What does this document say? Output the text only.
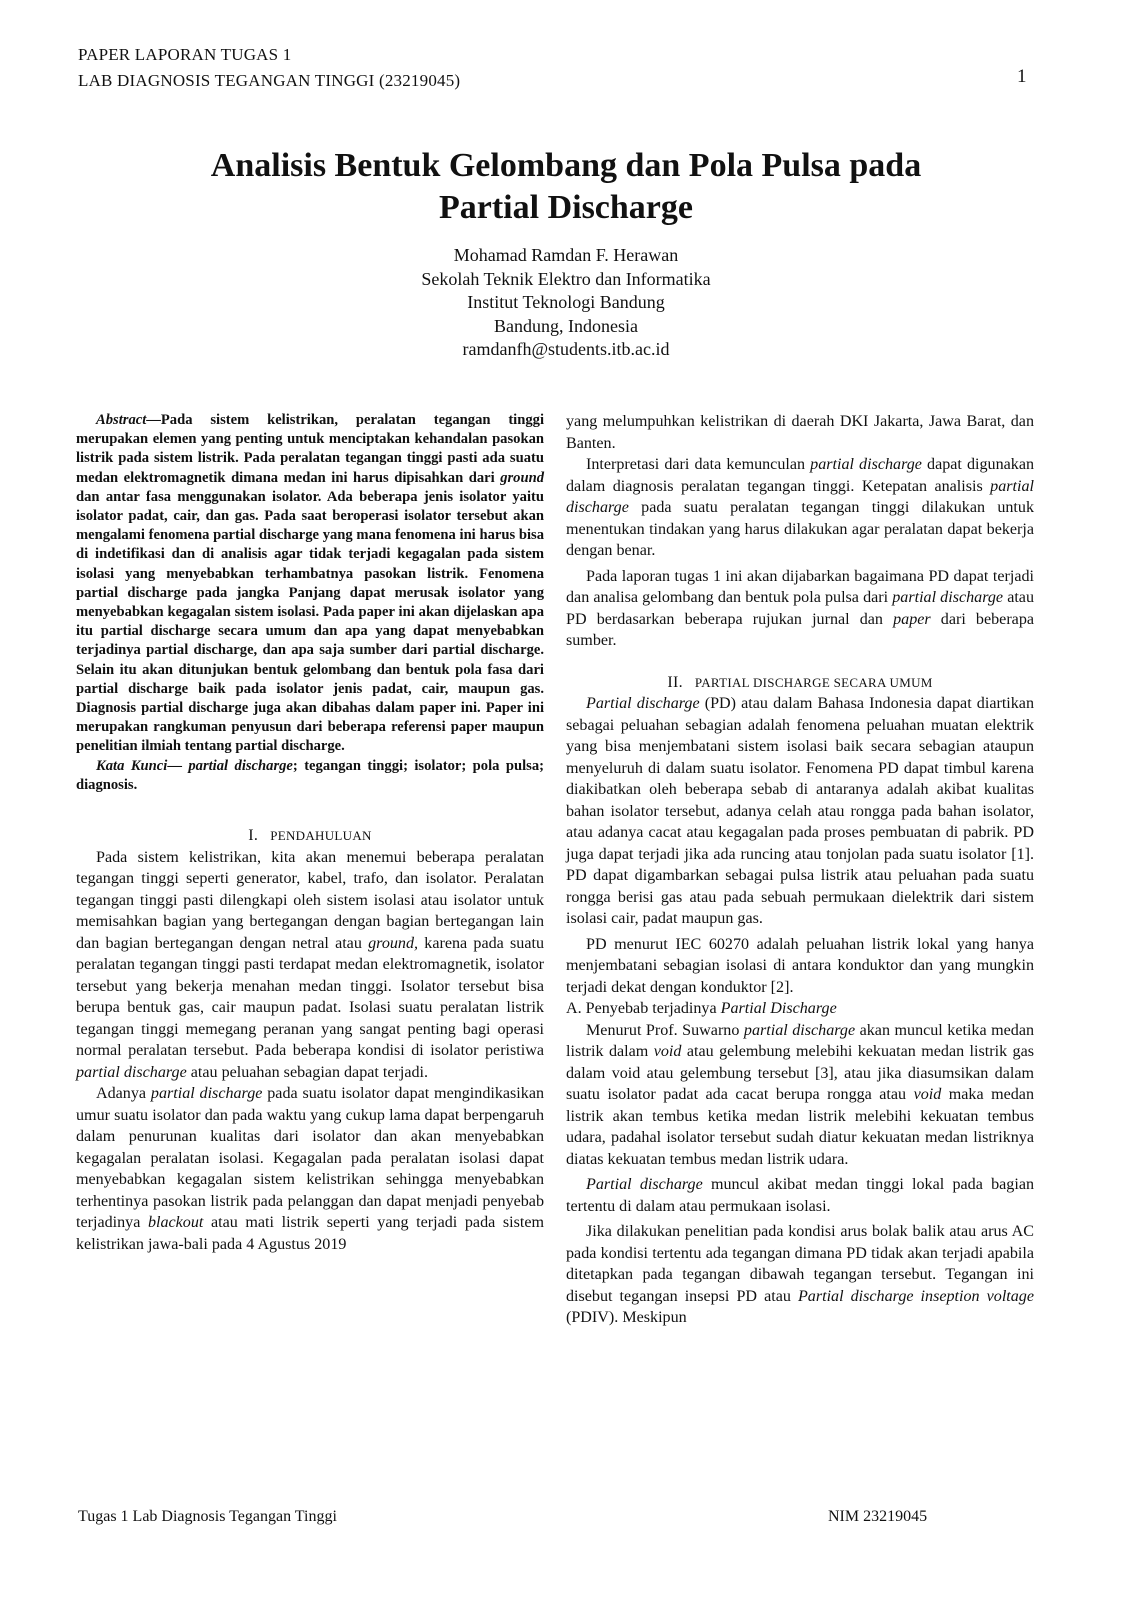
PAPER LAPORAN TUGAS 1
LAB DIAGNOSIS TEGANGAN TINGGI (23219045)	1
Analisis Bentuk Gelombang dan Pola Pulsa pada
Partial Discharge
Mohamad Ramdan F. Herawan
Sekolah Teknik Elektro dan Informatika
Institut Teknologi Bandung
Bandung, Indonesia
ramdanfh@students.itb.ac.id

Abstract—Pada sistem kelistrikan, peralatan tegangan tinggi merupakan elemen yang penting untuk menciptakan kehandalan pasokan listrik pada sistem listrik. Pada peralatan tegangan tinggi pasti ada suatu medan elektromagnetik dimana medan ini harus dipisahkan dari ground dan antar fasa menggunakan isolator. Ada beberapa jenis isolator yaitu isolator padat, cair, dan gas. Pada saat beroperasi isolator tersebut akan mengalami fenomena partial discharge yang mana fenomena ini harus bisa di indetifikasi dan di analisis agar tidak terjadi kegagalan pada sistem isolasi yang menyebabkan terhambatnya pasokan listrik. Fenomena partial discharge pada jangka Panjang dapat merusak isolator yang menyebabkan kegagalan sistem isolasi. Pada paper ini akan dijelaskan apa itu partial discharge secara umum dan apa yang dapat menyebabkan terjadinya partial discharge, dan apa saja sumber dari partial discharge. Selain itu akan ditunjukan bentuk gelombang dan bentuk pola fasa dari partial discharge baik pada isolator jenis padat, cair, maupun gas. Diagnosis partial discharge juga akan dibahas dalam paper ini. Paper ini merupakan rangkuman penyusun dari beberapa referensi paper maupun penelitian ilmiah tentang partial discharge.

Kata Kunci— partial discharge; tegangan tinggi; isolator; pola pulsa; diagnosis.

I. PENDAHULUAN

Pada sistem kelistrikan, kita akan menemui beberapa peralatan tegangan tinggi seperti generator, kabel, trafo, dan isolator. Peralatan tegangan tinggi pasti dilengkapi oleh sistem isolasi atau isolator untuk memisahkan bagian yang bertegangan dengan bagian bertegangan lain dan bagian bertegangan dengan netral atau ground, karena pada suatu peralatan tegangan tinggi pasti terdapat medan elektromagnetik, isolator tersebut yang bekerja menahan medan tinggi. Isolator tersebut bisa berupa bentuk gas, cair maupun padat. Isolasi suatu peralatan listrik tegangan tinggi memegang peranan yang sangat penting bagi operasi normal peralatan tersebut. Pada beberapa kondisi di isolator peristiwa partial discharge atau peluahan sebagian dapat terjadi.

Adanya partial discharge pada suatu isolator dapat mengindikasikan umur suatu isolator dan pada waktu yang cukup lama dapat berpengaruh dalam penurunan kualitas dari isolator dan akan menyebabkan kegagalan peralatan isolasi. Kegagalan pada peralatan isolasi dapat menyebabkan kegagalan sistem kelistrikan sehingga menyebabkan terhentinya pasokan listrik pada pelanggan dan dapat menjadi penyebab terjadinya blackout atau mati listrik seperti yang terjadi pada sistem kelistrikan jawa-bali pada 4 Agustus 2019

yang melumpuhkan kelistrikan di daerah DKI Jakarta, Jawa Barat, dan Banten.

Interpretasi dari data kemunculan partial discharge dapat digunakan dalam diagnosis peralatan tegangan tinggi. Ketepatan analisis partial discharge pada suatu peralatan tegangan tinggi dilakukan untuk menentukan tindakan yang harus dilakukan agar peralatan dapat bekerja dengan benar.

Pada laporan tugas 1 ini akan dijabarkan bagaimana PD dapat terjadi dan analisa gelombang dan bentuk pola pulsa dari partial discharge atau PD berdasarkan beberapa rujukan jurnal dan paper dari beberapa sumber.

II. PARTIAL DISCHARGE SECARA UMUM

Partial discharge (PD) atau dalam Bahasa Indonesia dapat diartikan sebagai peluahan sebagian adalah fenomena peluahan muatan elektrik yang bisa menjembatani sistem isolasi baik secara sebagian ataupun menyeluruh di dalam suatu isolator. Fenomena PD dapat timbul karena diakibatkan oleh beberapa sebab di antaranya adalah akibat kualitas bahan isolator tersebut, adanya celah atau rongga pada bahan isolator, atau adanya cacat atau kegagalan pada proses pembuatan di pabrik. PD juga dapat terjadi jika ada runcing atau tonjolan pada suatu isolator [1]. PD dapat digambarkan sebagai pulsa listrik atau peluahan pada suatu rongga berisi gas atau pada sebuah permukaan dielektrik dari sistem isolasi cair, padat maupun gas.

PD menurut IEC 60270 adalah peluahan listrik lokal yang hanya menjembatani sebagian isolasi di antara konduktor dan yang mungkin terjadi dekat dengan konduktor [2].

A. Penyebab terjadinya Partial Discharge

Menurut Prof. Suwarno partial discharge akan muncul ketika medan listrik dalam void atau gelembung melebihi kekuatan medan listrik gas dalam void atau gelembung tersebut [3], atau jika diasumsikan dalam suatu isolator padat ada cacat berupa rongga atau void maka medan listrik akan tembus ketika medan listrik melebihi kekuatan tembus udara, padahal isolator tersebut sudah diatur kekuatan medan listriknya diatas kekuatan tembus medan listrik udara.

Partial discharge muncul akibat medan tinggi lokal pada bagian tertentu di dalam atau permukaan isolasi.

Jika dilakukan penelitian pada kondisi arus bolak balik atau arus AC pada kondisi tertentu ada tegangan dimana PD tidak akan terjadi apabila ditetapkan pada tegangan dibawah tegangan tersebut. Tegangan ini disebut tegangan insepsi PD atau Partial discharge inseption voltage (PDIV). Meskipun

Tugas 1 Lab Diagnosis Tegangan Tinggi	NIM 23219045
